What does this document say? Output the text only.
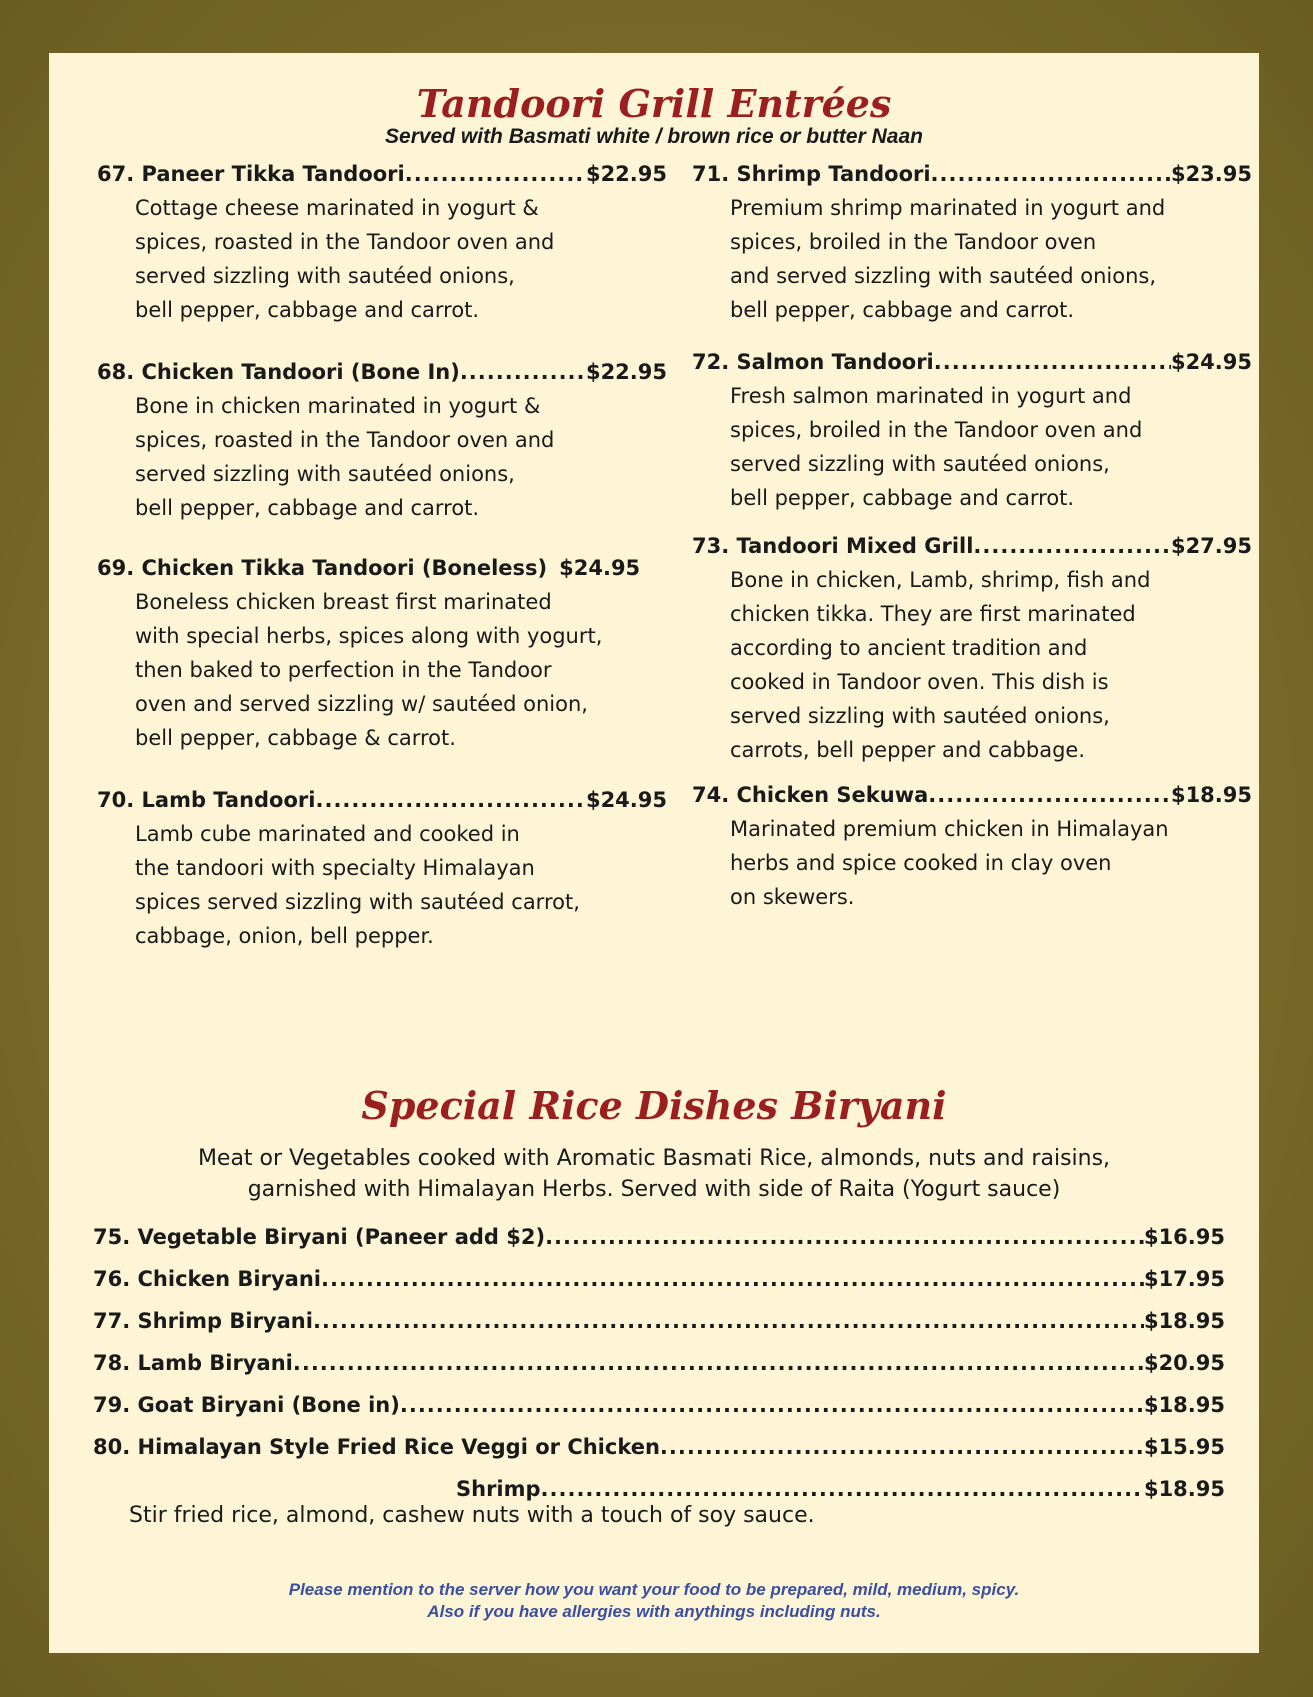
Tandoori Grill Entrées
Served with Basmati white / brown rice or butter Naan
67. Paneer Tikka Tandoori .....	$22.95
Cottage cheese marinated in yogurt &
spices, roasted in the Tandoor oven and
served sizzling with sautéed onions,
bell pepper, cabbage and carrot.
68. Chicken Tandoori (Bone In) .....	$22.95
Bone in chicken marinated in yogurt &
spices, roasted in the Tandoor oven and
served sizzling with sautéed onions,
bell pepper, cabbage and carrot.
69. Chicken Tikka Tandoori (Boneless) $24.95
Boneless chicken breast first marinated
with special herbs, spices along with yogurt,
then baked to perfection in the Tandoor
oven and served sizzling w/ sautéed onion,
bell pepper, cabbage & carrot.
70. Lamb Tandoori .....	$24.95
Lamb cube marinated and cooked in
the tandoori with specialty Himalayan
spices served sizzling with sautéed carrot,
cabbage, onion, bell pepper.
71. Shrimp Tandoori .....	$23.95
Premium shrimp marinated in yogurt and
spices, broiled in the Tandoor oven
and served sizzling with sautéed onions,
bell pepper, cabbage and carrot.
72. Salmon Tandoori .....	$24.95
Fresh salmon marinated in yogurt and
spices, broiled in the Tandoor oven and
served sizzling with sautéed onions,
bell pepper, cabbage and carrot.
73. Tandoori Mixed Grill .....	$27.95
Bone in chicken, Lamb, shrimp, fish and
chicken tikka. They are first marinated
according to ancient tradition and
cooked in Tandoor oven. This dish is
served sizzling with sautéed onions,
carrots, bell pepper and cabbage.
74. Chicken Sekuwa .....	$18.95
Marinated premium chicken in Himalayan
herbs and spice cooked in clay oven
on skewers.
Special Rice Dishes Biryani
Meat or Vegetables cooked with Aromatic Basmati Rice, almonds, nuts and raisins,
garnished with Himalayan Herbs. Served with side of Raita (Yogurt sauce)
75. Vegetable Biryani (Paneer add $2) .....	$16.95
76. Chicken Biryani .....	$17.95
77. Shrimp Biryani .....	$18.95
78. Lamb Biryani .....	$20.95
79. Goat Biryani (Bone in) .....	$18.95
80. Himalayan Style Fried Rice Veggi or Chicken .....	$15.95
Shrimp .....	$18.95
Stir fried rice, almond, cashew nuts with a touch of soy sauce.
Please mention to the server how you want your food to be prepared, mild, medium, spicy.
Also if you have allergies with anythings including nuts.
